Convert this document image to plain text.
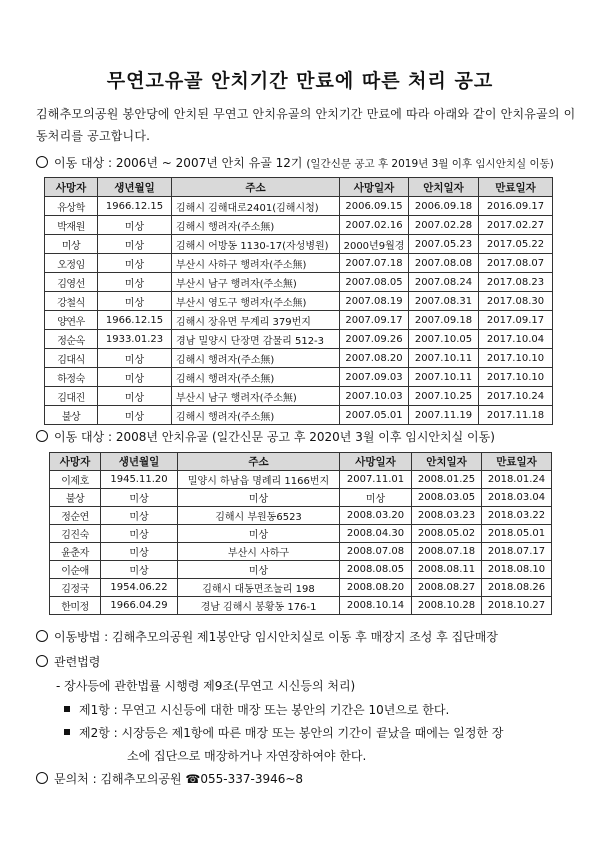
무연고유골 안치기간 만료에 따른 처리 공고

김해추모의공원 봉안당에 안치된 무연고 안치유골의 안치기간 만료에 따라 아래와 같이 안치유골의 이동처리를 공고합니다.

이동 대상 : 2006년 ~ 2007년 안치 유골 12기 (일간신문 공고 후 2019년 3월 이후 임시안치실 이동)

사망자	생년월일	주소	사망일자	안치일자	만료일자
유상학	1966.12.15	김해시 김해대로2401(김해시청)	2006.09.15	2006.09.18	2016.09.17
박재원	미상	김해시 행려자(주소無)	2007.02.16	2007.02.28	2017.02.27
미상	미상	김해시 어방동 1130-17(자성병원)	2000년9월경	2007.05.23	2017.05.22
오정임	미상	부산시 사하구 행려자(주소無)	2007.07.18	2007.08.08	2017.08.07
김영선	미상	부산시 남구 행려자(주소無)	2007.08.05	2007.08.24	2017.08.23
강철식	미상	부산시 영도구 행려자(주소無)	2007.08.19	2007.08.31	2017.08.30
양연우	1966.12.15	김해시 장유면 무계리 379번지	2007.09.17	2007.09.18	2017.09.17
정순옥	1933.01.23	경남 밀양시 단장면 감물리 512-3	2007.09.26	2007.10.05	2017.10.04
김대식	미상	김해시 행려자(주소無)	2007.08.20	2007.10.11	2017.10.10
하정숙	미상	김해시 행려자(주소無)	2007.09.03	2007.10.11	2017.10.10
김대진	미상	부산시 남구 행려자(주소無)	2007.10.03	2007.10.25	2017.10.24
불상	미상	김해시 행려자(주소無)	2007.05.01	2007.11.19	2017.11.18

이동 대상 : 2008년 안치유골 (일간신문 공고 후 2020년 3월 이후 임시안치실 이동)

사망자	생년월일	주소	사망일자	안치일자	만료일자
이제호	1945.11.20	밀양시 하남읍 명례리 1166번지	2007.11.01	2008.01.25	2018.01.24
불상	미상	미상	미상	2008.03.05	2018.03.04
정순연	미상	김해시 부원동6523	2008.03.20	2008.03.23	2018.03.22
김진숙	미상	미상	2008.04.30	2008.05.02	2018.05.01
윤춘자	미상	부산시 사하구	2008.07.08	2008.07.18	2018.07.17
이순애	미상	미상	2008.08.05	2008.08.11	2018.08.10
김정국	1954.06.22	김해시 대동면조눌리 198	2008.08.20	2008.08.27	2018.08.26
한미정	1966.04.29	경남 김해시 봉황동 176-1	2008.10.14	2008.10.28	2018.10.27

이동방법 : 김해추모의공원 제1봉안당 임시안치실로 이동 후 매장지 조성 후 집단매장

관련법령

- 장사등에 관한법률 시행령 제9조(무연고 시신등의 처리)

제1항 : 무연고 시신등에 대한 매장 또는 봉안의 기간은 10년으로 한다.

제2항 : 시장등은 제1항에 따른 매장 또는 봉안의 기간이 끝났을 때에는 일정한 장

소에 집단으로 매장하거나 자연장하여야 한다.

문의처 : 김해추모의공원 ☎055-337-3946~8
